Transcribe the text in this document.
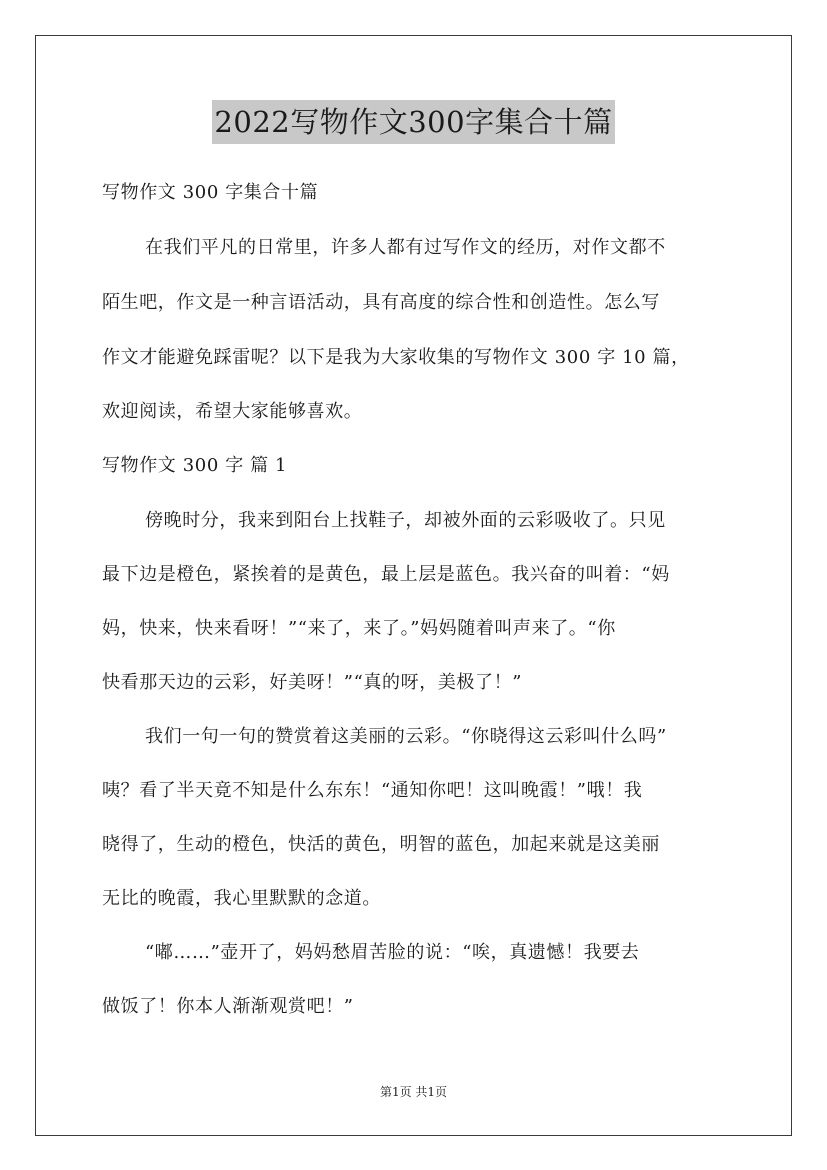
2022写物作文300字集合十篇
写物作文 300 字集合十篇
在我们平凡的日常里，许多人都有过写作文的经历，对作文都不
陌生吧，作文是一种言语活动，具有高度的综合性和创造性。怎么写
作文才能避免踩雷呢？以下是我为大家收集的写物作文 300 字 10 篇，
欢迎阅读，希望大家能够喜欢。
写物作文 300 字 篇 1
傍晚时分，我来到阳台上找鞋子，却被外面的云彩吸收了。只见
最下边是橙色，紧挨着的是黄色，最上层是蓝色。我兴奋的叫着：“妈
妈，快来，快来看呀！”“来了，来了。”妈妈随着叫声来了。“你
快看那天边的云彩，好美呀！”“真的呀，美极了！”
我们一句一句的赞赏着这美丽的云彩。“你晓得这云彩叫什么吗”
咦？看了半天竟不知是什么东东！“通知你吧！这叫晚霞！”哦！我
晓得了，生动的橙色，快活的黄色，明智的蓝色，加起来就是这美丽
无比的晚霞，我心里默默的念道。
“嘟……”壶开了，妈妈愁眉苦脸的说：“唉，真遗憾！我要去
做饭了！你本人渐渐观赏吧！”
第1页 共1页
